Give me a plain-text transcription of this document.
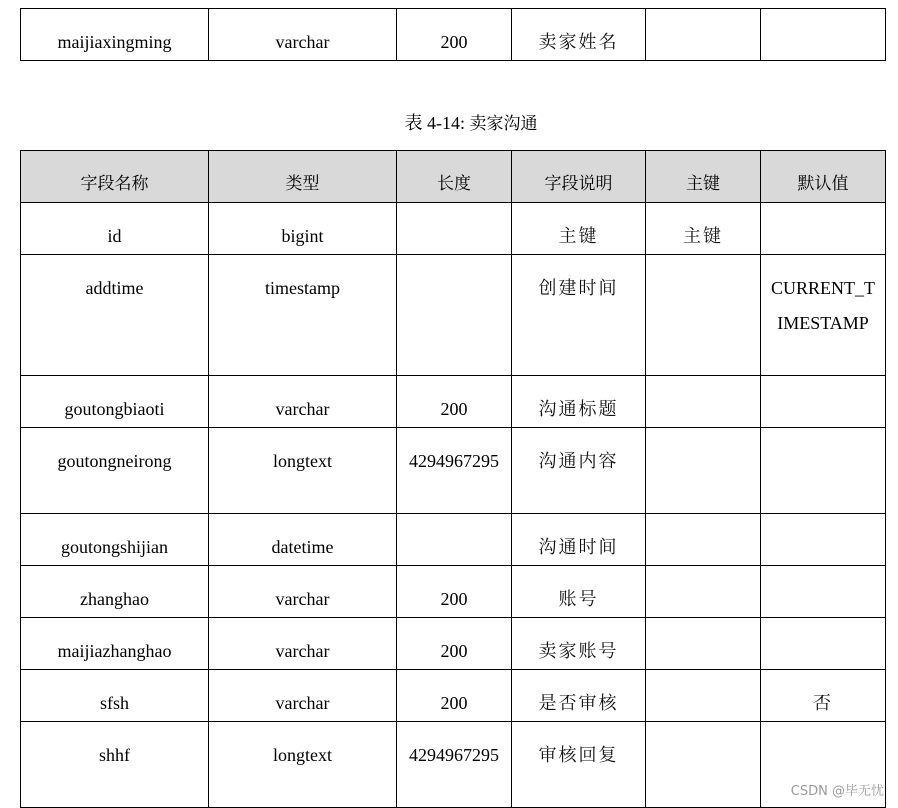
maijiaxingming	varchar	200	卖家姓名		
表 4-14: 卖家沟通
字段名称	类型	长度	字段说明	主键	默认值
id	bigint		主键	主键	
addtime	timestamp		创建时间		CURRENT_TIMESTAMP
goutongbiaoti	varchar	200	沟通标题		
goutongneirong	longtext	4294967295	沟通内容		
goutongshijian	datetime		沟通时间		
zhanghao	varchar	200	账号		
maijiazhanghao	varchar	200	卖家账号		
sfsh	varchar	200	是否审核		否
shhf	longtext	4294967295	审核回复		
CSDN @毕无忧
